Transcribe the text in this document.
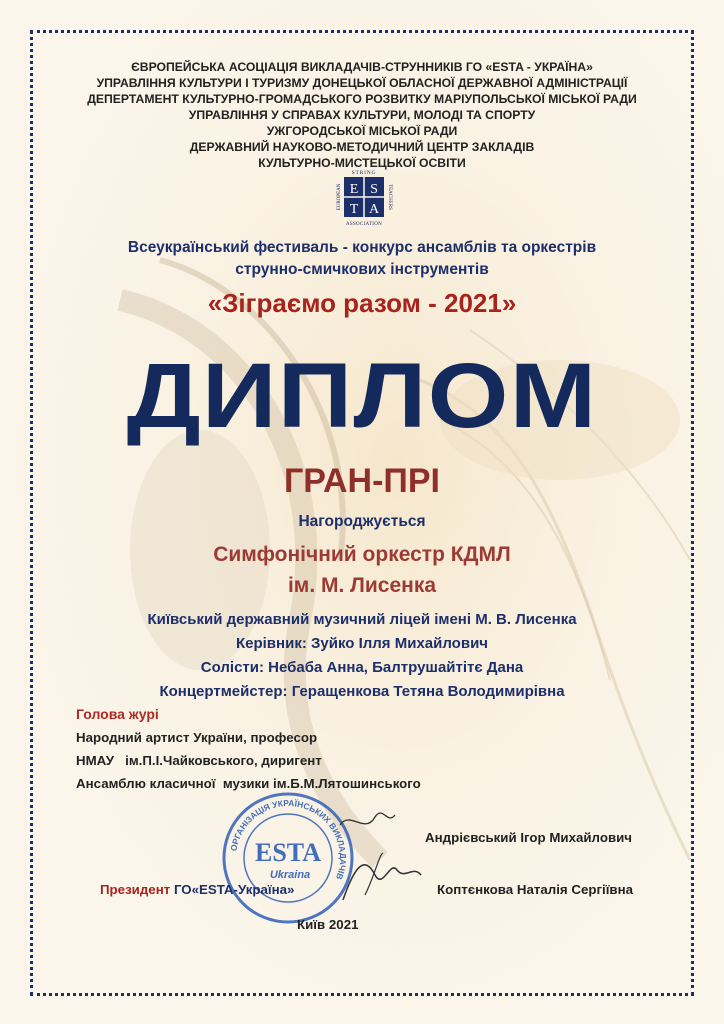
ЄВРОПЕЙСЬКА АСОЦІАЦІЯ ВИКЛАДАЧІВ-СТРУННИКІВ ГО «ESTA - УКРАЇНА»

УПРАВЛІННЯ КУЛЬТУРИ І ТУРИЗМУ ДОНЕЦЬКОЇ ОБЛАСНОЇ ДЕРЖАВНОЇ АДМІНІСТРАЦІЇ

ДЕПЕРТАМЕНТ КУЛЬТУРНО-ГРОМАДСЬКОГО РОЗВИТКУ МАРІУПОЛЬСЬКОЇ МІСЬКОЇ РАДИ

УПРАВЛІННЯ У СПРАВАХ КУЛЬТУРИ, МОЛОДІ ТА СПОРТУ

УЖГОРОДСЬКОЇ МІСЬКОЇ РАДИ

ДЕРЖАВНИЙ НАУКОВО-МЕТОДИЧНИЙ ЦЕНТР ЗАКЛАДІВ

КУЛЬТУРНО-МИСТЕЦЬКОЇ ОСВІТИ

E S
T A
STRING
ASSOCIATION
EUROPEAN	TEACHERS

Всеукраїнський фестиваль - конкурс ансамблів та оркестрів

струнно-смичкових інструментів

«Зіграємо разом - 2021»

ДИПЛОМ

ГРАН-ПРІ

Нагороджується

Симфонічний оркестр КДМЛ

ім. М. Лисенка

Київський державний музичний ліцей імені М. В. Лисенка

Керівник: Зуйко Ілля Михайлович

Солісти: Небаба Анна, Балтрушайтітє Дана

Концертмейстер: Геращенкова Тетяна Володимирівна

Голова журі
Народний артист України, професор
НМАУ   ім.П.І.Чайковського, диригент
Ансамблю класичної  музики ім.Б.М.Лятошинського
ОРГАНІЗАЦІЯ УКРАЇНСЬКИХ ВИКЛАДАЧІВ
ESTA
Ukraina
Андрієвський Ігор Михайлович
Президент ГО«ESTA-Україна»	Коптєнкова Наталія Сергіївна
Київ 2021
